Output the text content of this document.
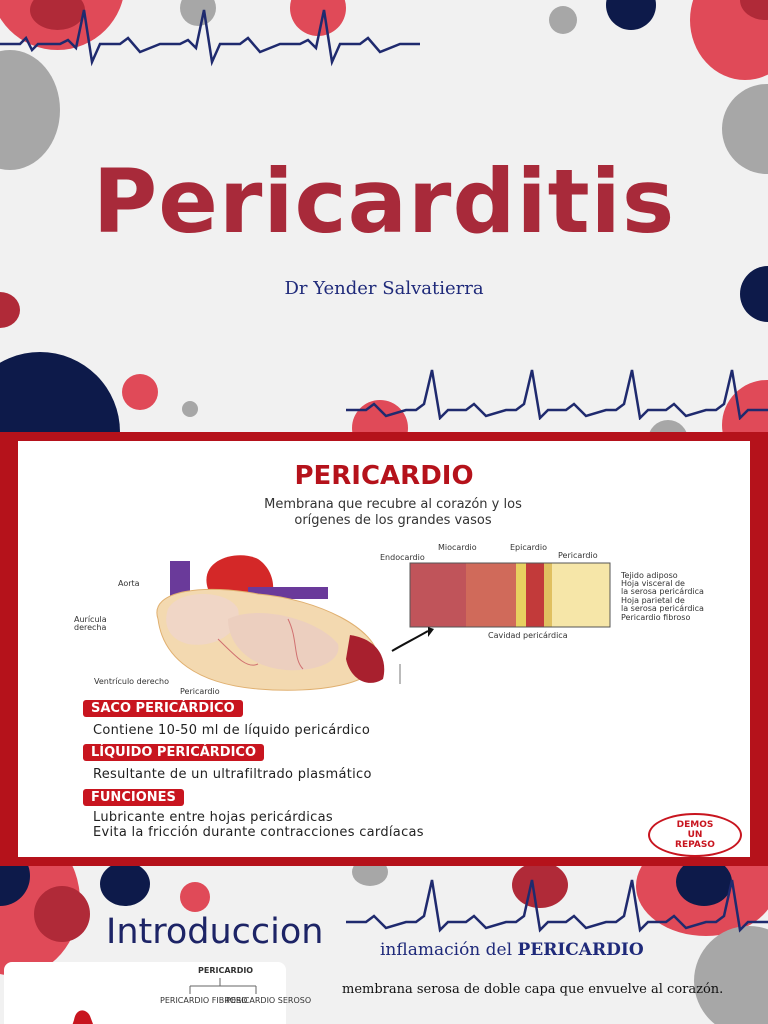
Pericarditis
Dr Yender Salvatierra
PERICARDIO
Membrana que recubre al corazón y los
orígenes de los grandes vasos
Aorta
Aurícula
derecha
Ventrículo derecho
Pericardio
Endocardio
Miocardio	Epicardio
Pericardio
Tejido adiposo
Hoja visceral de
la serosa pericárdica
Hoja parietal de
la serosa pericárdica
Pericardio fibroso
Cavidad pericárdica
SACO PERICÁRDICO
Contiene 10-50 ml de líquido pericárdico
LÍQUIDO PERICÁRDICO
Resultante de un ultrafiltrado plasmático
FUNCIONES
Lubricante entre hojas pericárdicas
Evita la fricción durante contracciones cardíacas	DEMOS
UN
REPASO
PERICARDIO
PERICARDIO FIBROSO
PERICARDIO SEROSO
Introduccion	inflamación del PERICARDIO
membrana serosa de doble capa que envuelve al corazón.
